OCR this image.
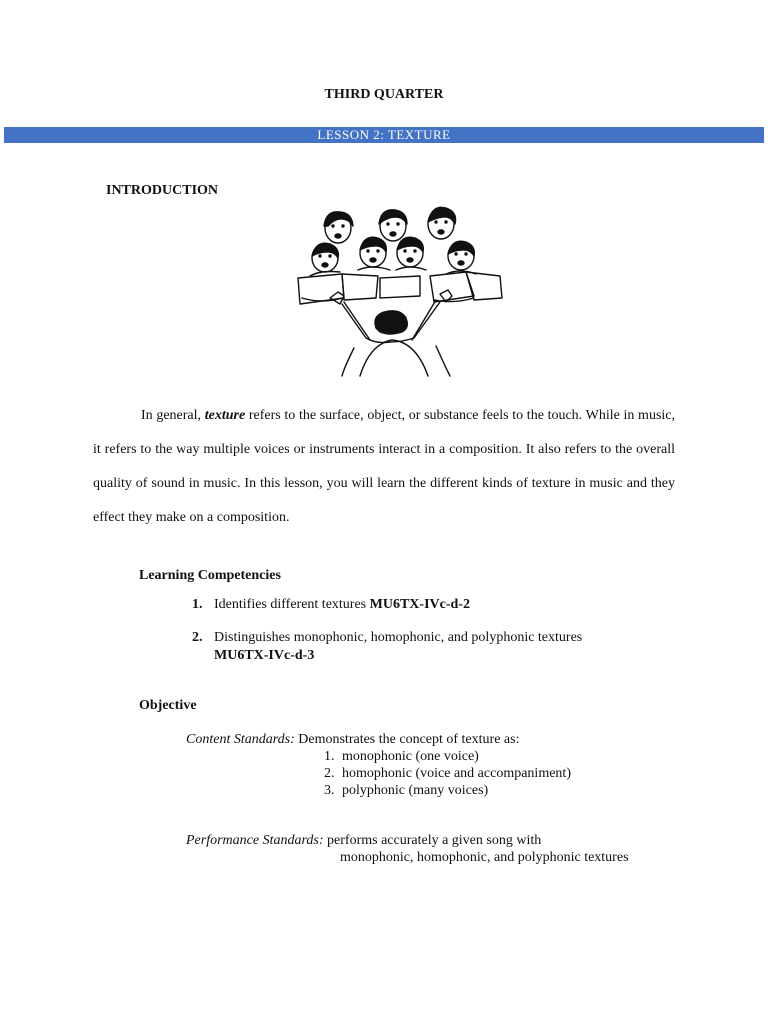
THIRD QUARTER
LESSON 2: TEXTURE
INTRODUCTION

In general, texture refers to the surface, object, or substance feels to the touch. While in music, it refers to the way multiple voices or instruments interact in a composition. It also refers to the overall quality of sound in music. In this lesson, you will learn the different kinds of texture in music and they effect they make on a composition.

Learning Competencies
1. Identifies different textures MU6TX-IVc-d-2
2. Distinguishes monophonic, homophonic, and polyphonic textures
MU6TX-IVc-d-3
Objective
Content Standards: Demonstrates the concept of texture as:
1. monophonic (one voice)
2. homophonic (voice and accompaniment)
3. polyphonic (many voices)
Performance Standards: performs accurately a given song with
monophonic, homophonic, and polyphonic textures
